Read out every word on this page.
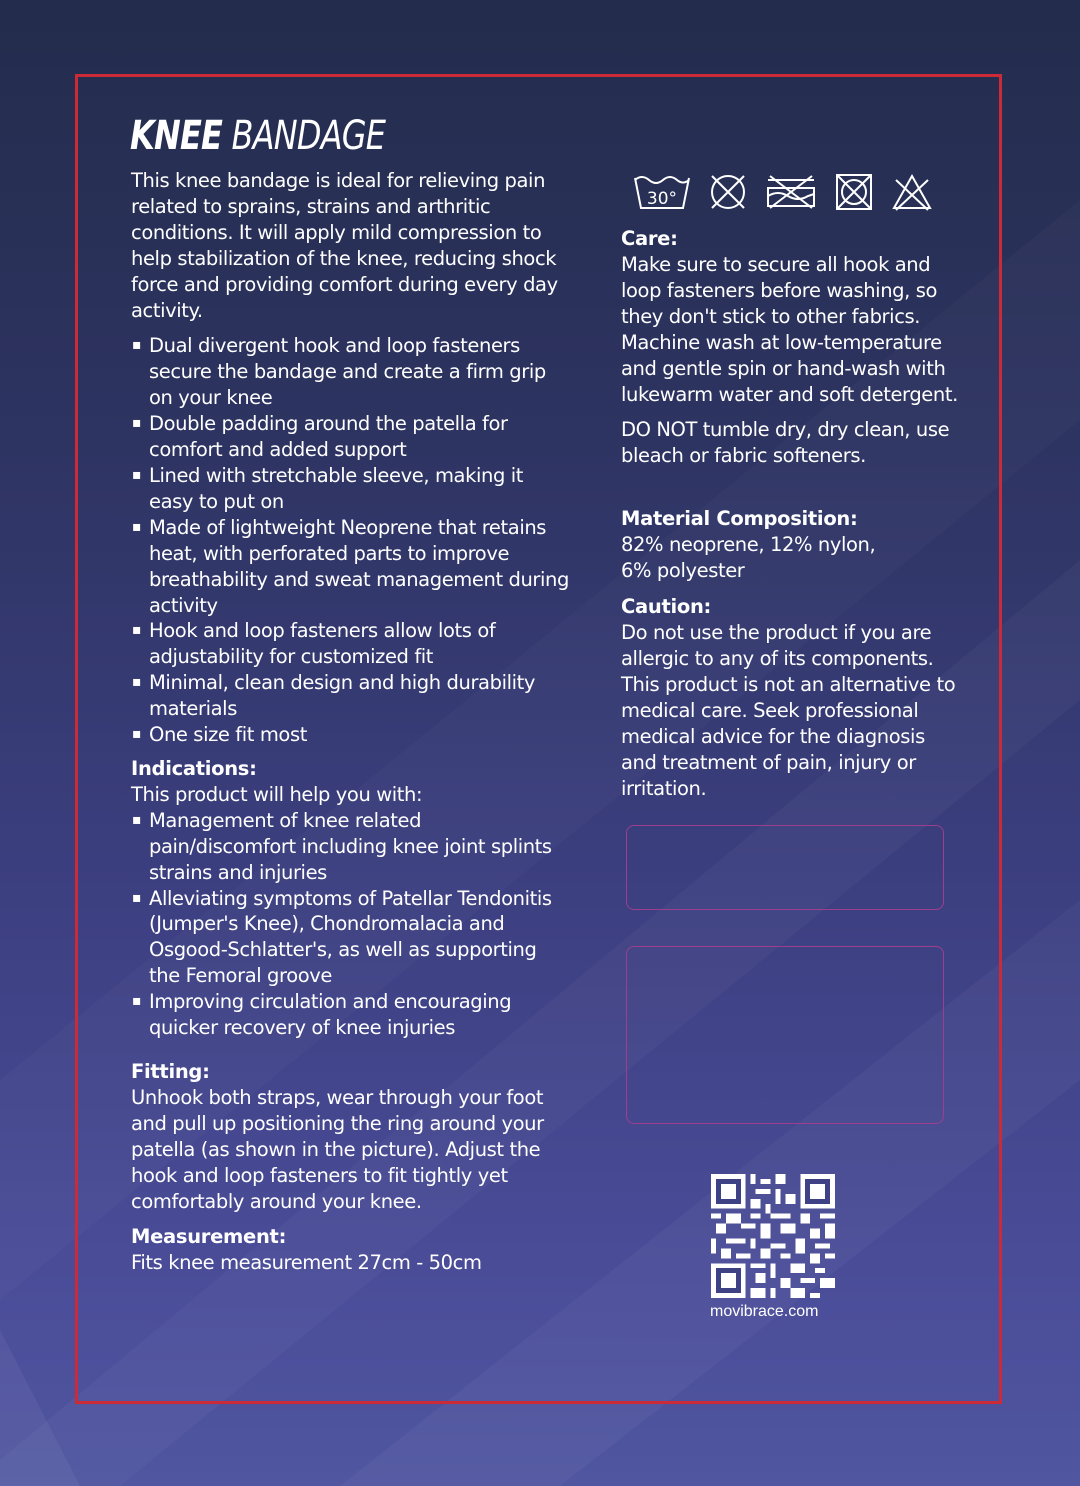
KNEE BANDAGE

This knee bandage is ideal for relieving pain related to sprains, strains and arthritic conditions. It will apply mild compression to help stabilization of the knee, reducing shock force and providing comfort during every day activity.

▪ Dual divergent hook and loop fasteners secure the bandage and create a firm grip on your knee
▪ Double padding around the patella for comfort and added support
▪ Lined with stretchable sleeve, making it easy to put on
▪ Made of lightweight Neoprene that retains heat, with perforated parts to improve breathability and sweat management during activity
▪ Hook and loop fasteners allow lots of adjustability for customized fit
▪ Minimal, clean design and high durability materials
▪ One size fit most
Indications:

This product will help you with:

▪ Management of knee related pain/discomfort including knee joint splints strains and injuries
▪ Alleviating symptoms of Patellar Tendonitis (Jumper's Knee), Chondromalacia and Osgood-Schlatter's, as well as supporting the Femoral groove
▪ Improving circulation and encouraging quicker recovery of knee injuries
Fitting:

Unhook both straps, wear through your foot and pull up positioning the ring around your patella (as shown in the picture). Adjust the hook and loop fasteners to fit tightly yet comfortably around your knee.

Measurement:

Fits knee measurement 27cm - 50cm

30°
Care:

Make sure to secure all hook and loop fasteners before washing, so they don't stick to other fabrics. Machine wash at low-temperature and gentle spin or hand-wash with lukewarm water and soft detergent.

DO NOT tumble dry, dry clean, use bleach or fabric softeners.

Material Composition:

82% neoprene, 12% nylon,

6% polyester

Caution:

Do not use the product if you are allergic to any of its components. This product is not an alternative to medical care. Seek professional medical advice for the diagnosis and treatment of pain, injury or irritation.

movibrace.com
